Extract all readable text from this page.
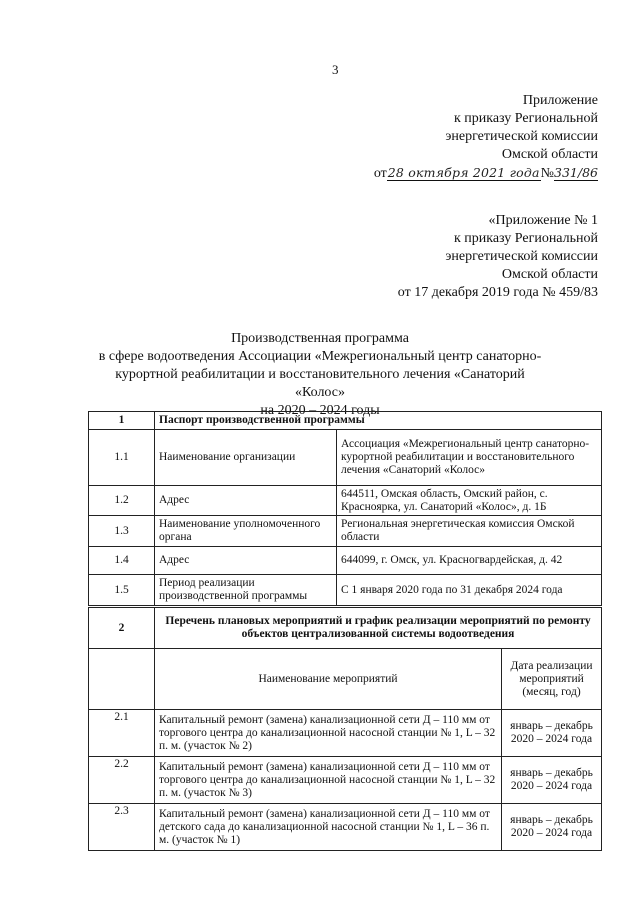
3
Приложение
к приказу Региональной
энергетической комиссии
Омской области
от28 октября 2021 года№331/86
«Приложение № 1
к приказу Региональной
энергетической комиссии
Омской области
от 17 декабря 2019 года № 459/83
Производственная программа
в сфере водоотведения Ассоциации «Межрегиональный центр санаторно-
курортной реабилитации и восстановительного лечения «Санаторий «Колос»
на 2020 – 2024 годы
1	Паспорт производственной программы	
1.1	Наименование организации	Ассоциация «Межрегиональный центр санаторно-курортной реабилитации и восстановительного лечения «Санаторий «Колос»
1.2	Адрес	644511, Омская область, Омский район, с. Красноярка, ул. Санаторий «Колос», д. 1Б
1.3	Наименование уполномоченного органа	Региональная энергетическая комиссия Омской области
1.4	Адрес	644099, г. Омск, ул. Красногвардейская, д. 42
1.5	Период реализации производственной программы	С 1 января 2020 года по 31 декабря 2024 года
2	Перечень плановых мероприятий и график реализации мероприятий по ремонту объектов централизованной системы водоотведения	
	Наименование мероприятий	Дата реализации мероприятий (месяц, год)
2.1	Капитальный ремонт (замена) канализационной сети Д – 110 мм от торгового центра до канализационной насосной станции № 1, L – 32 п. м. (участок № 2)	январь – декабрь 2020 – 2024 года
2.2	Капитальный ремонт (замена) канализационной сети Д – 110 мм от торгового центра до канализационной насосной станции № 1, L – 32 п. м. (участок № 3)	январь – декабрь 2020 – 2024 года
2.3	Капитальный ремонт (замена) канализационной сети Д – 110 мм от детского сада до канализационной насосной станции № 1, L – 36 п. м. (участок № 1)	январь – декабрь 2020 – 2024 года
